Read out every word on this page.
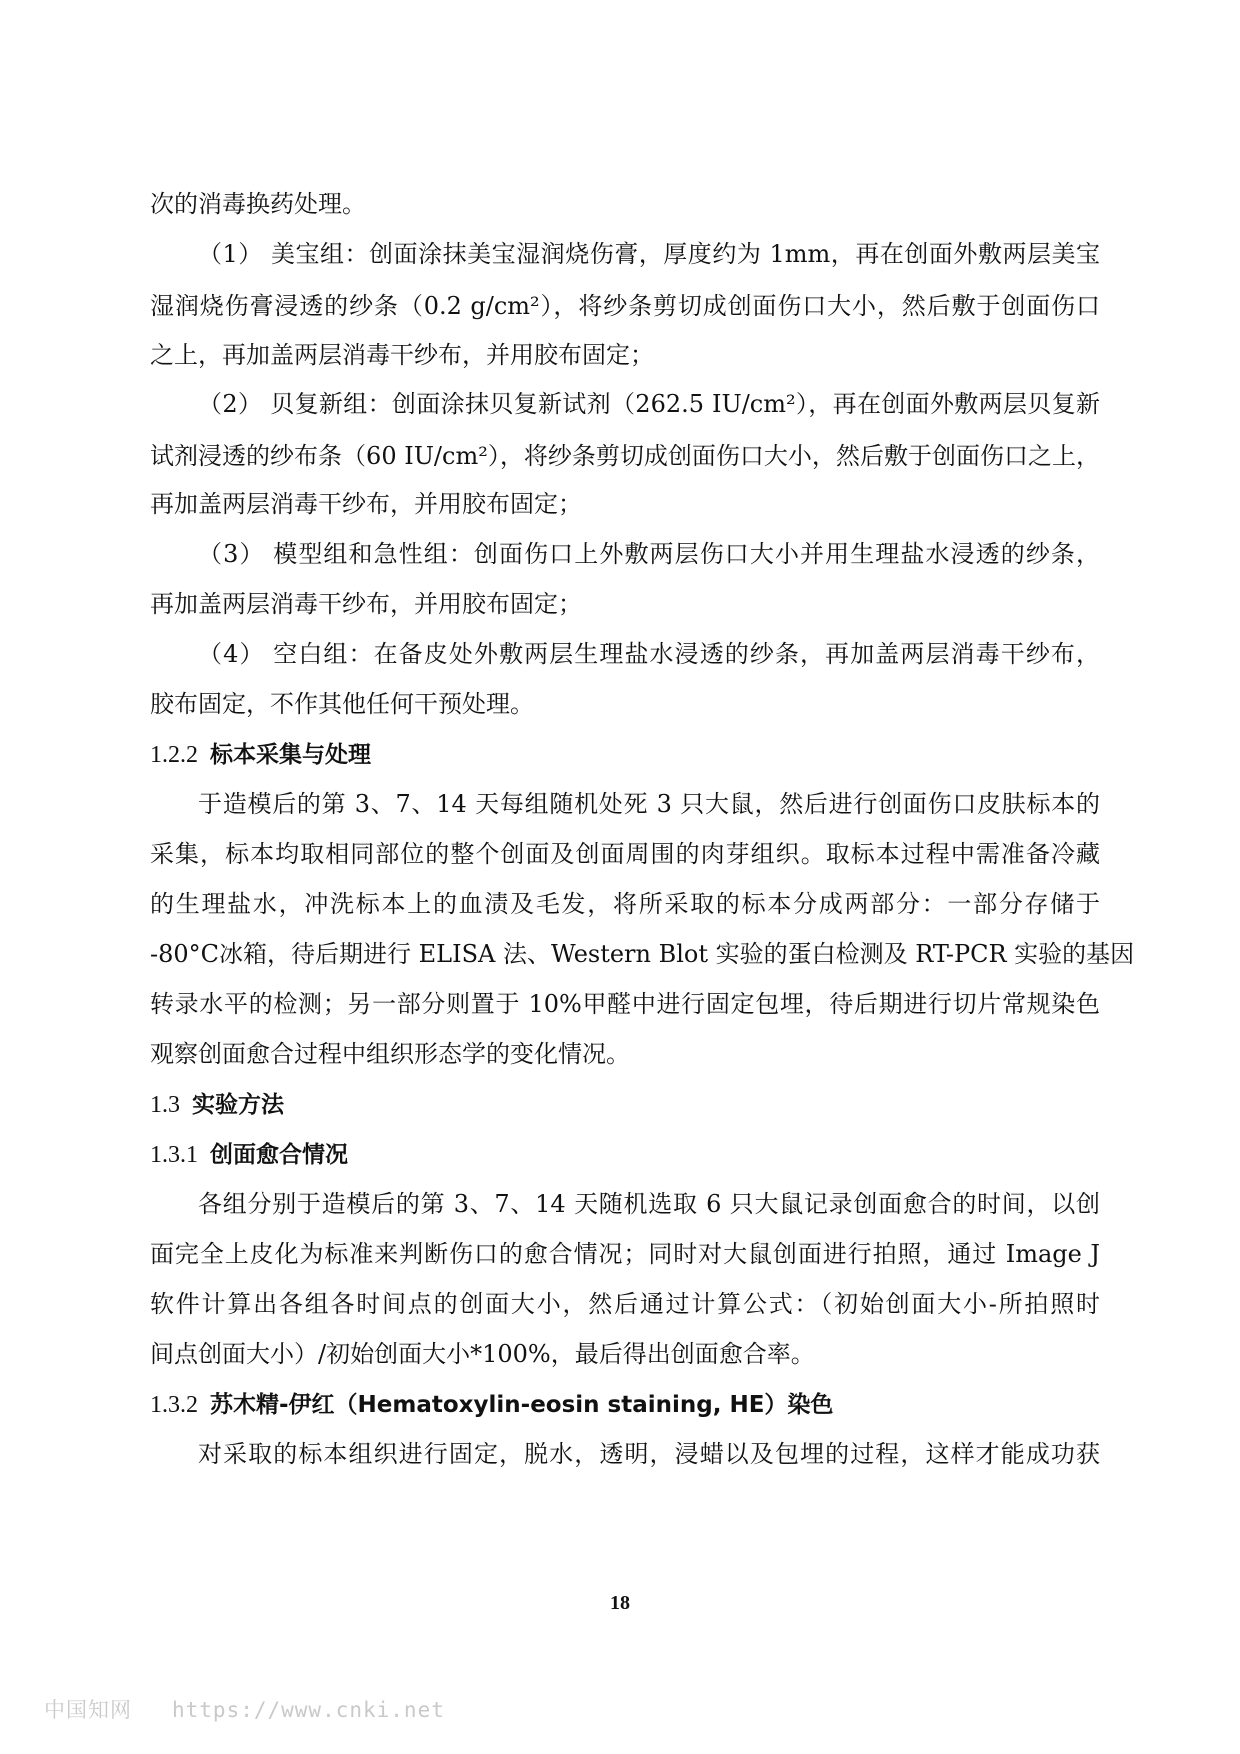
次的消毒换药处理。
（1） 美宝组：创面涂抹美宝湿润烧伤膏，厚度约为 1mm，再在创面外敷两层美宝
湿润烧伤膏浸透的纱条（0.2 g/cm²），将纱条剪切成创面伤口大小，然后敷于创面伤口
之上，再加盖两层消毒干纱布，并用胶布固定；
（2） 贝复新组：创面涂抹贝复新试剂（262.5 IU/cm²），再在创面外敷两层贝复新
试剂浸透的纱布条（60 IU/cm²），将纱条剪切成创面伤口大小，然后敷于创面伤口之上，
再加盖两层消毒干纱布，并用胶布固定；
（3） 模型组和急性组：创面伤口上外敷两层伤口大小并用生理盐水浸透的纱条，
再加盖两层消毒干纱布，并用胶布固定；
（4） 空白组：在备皮处外敷两层生理盐水浸透的纱条，再加盖两层消毒干纱布，
胶布固定，不作其他任何干预处理。
1.2.2 标本采集与处理
于造模后的第 3、7、14 天每组随机处死 3 只大鼠，然后进行创面伤口皮肤标本的
采集，标本均取相同部位的整个创面及创面周围的肉芽组织。取标本过程中需准备冷藏
的生理盐水，冲洗标本上的血渍及毛发，将所采取的标本分成两部分：一部分存储于
-80°C冰箱，待后期进行 ELISA 法、Western Blot 实验的蛋白检测及 RT-PCR 实验的基因
转录水平的检测；另一部分则置于 10%甲醛中进行固定包埋，待后期进行切片常规染色
观察创面愈合过程中组织形态学的变化情况。
1.3 实验方法
1.3.1 创面愈合情况
各组分别于造模后的第 3、7、14 天随机选取 6 只大鼠记录创面愈合的时间，以创
面完全上皮化为标准来判断伤口的愈合情况；同时对大鼠创面进行拍照，通过 Image J
软件计算出各组各时间点的创面大小，然后通过计算公式：（初始创面大小-所拍照时
间点创面大小）/初始创面大小*100%，最后得出创面愈合率。
1.3.2 苏木精-伊红（Hematoxylin-eosin staining, HE）染色
对采取的标本组织进行固定，脱水，透明，浸蜡以及包埋的过程，这样才能成功获
18
中国知网 https://www.cnki.net
